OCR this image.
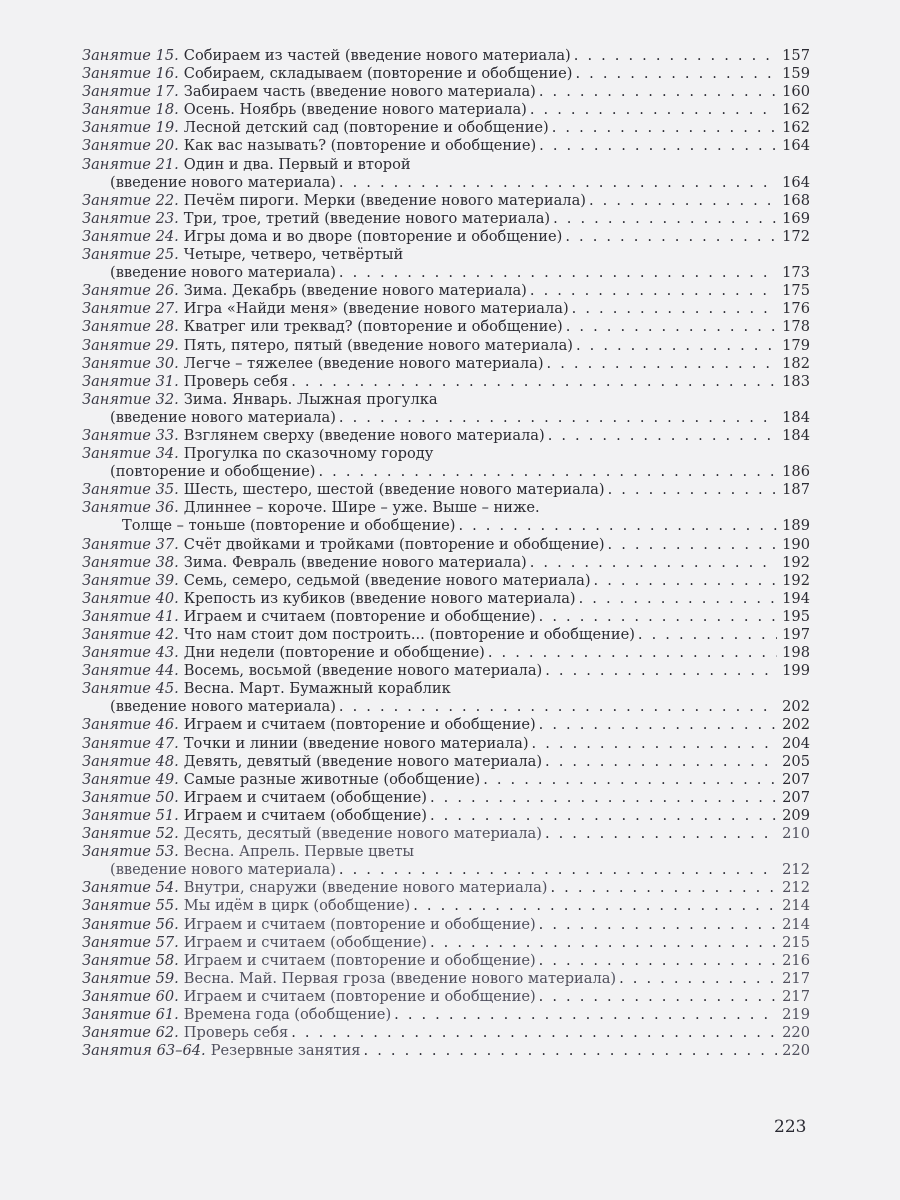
Занятие 15. Собираем из частей (введение нового материала) . . .	157
Занятие 16. Собираем, складываем (повторение и обобщение) . . .	159
Занятие 17. Забираем часть (введение нового материала) . . .	160
Занятие 18. Осень. Ноябрь (введение нового материала) . . .	162
Занятие 19. Лесной детский сад (повторение и обобщение) . . .	162
Занятие 20. Как вас называть? (повторение и обобщение) . . .	164
Занятие 21. Один и два. Первый и второй
(введение нового материала) . . .	164
Занятие 22. Печём пироги. Мерки (введение нового материала) . . .	168
Занятие 23. Три, трое, третий (введение нового материала) . . .	169
Занятие 24. Игры дома и во дворе (повторение и обобщение) . . .	172
Занятие 25. Четыре, четверо, четвёртый
(введение нового материала) . . .	173
Занятие 26. Зима. Декабрь (введение нового материала) . . .	175
Занятие 27. Игра «Найди меня» (введение нового материала) . . .	176
Занятие 28. Кватрег или треквад? (повторение и обобщение) . . .	178
Занятие 29. Пять, пятеро, пятый (введение нового материала) . . .	179
Занятие 30. Легче – тяжелее (введение нового материала) . . .	182
Занятие 31. Проверь себя . . .	183
Занятие 32. Зима. Январь. Лыжная прогулка
(введение нового материала) . . .	184
Занятие 33. Взглянем сверху (введение нового материала) . . .	184
Занятие 34. Прогулка по сказочному городу
(повторение и обобщение) . . .	186
Занятие 35. Шесть, шестеро, шестой (введение нового материала) . . .	187
Занятие 36. Длиннее – короче. Шире – уже. Выше – ниже.
Толще – тоньше (повторение и обобщение) . . .	189
Занятие 37. Счёт двойками и тройками (повторение и обобщение) . . .	190
Занятие 38. Зима. Февраль (введение нового материала) . . .	192
Занятие 39. Семь, семеро, седьмой (введение нового материала) . . .	192
Занятие 40. Крепость из кубиков (введение нового материала) . . .	194
Занятие 41. Играем и считаем (повторение и обобщение) . . .	195
Занятие 42. Что нам стоит дом построить... (повторение и обобщение) . . .	197
Занятие 43. Дни недели (повторение и обобщение) . . .	198
Занятие 44. Восемь, восьмой (введение нового материала) . . .	199
Занятие 45. Весна. Март. Бумажный кораблик
(введение нового материала) . . .	202
Занятие 46. Играем и считаем (повторение и обобщение) . . .	202
Занятие 47. Точки и линии (введение нового материала) . . .	204
Занятие 48. Девять, девятый (введение нового материала) . . .	205
Занятие 49. Самые разные животные (обобщение) . . .	207
Занятие 50. Играем и считаем (обобщение) . . .	207
Занятие 51. Играем и считаем (обобщение) . . .	209
Занятие 52. Десять, десятый (введение нового материала) . . .	210
Занятие 53. Весна. Апрель. Первые цветы
(введение нового материала) . . .	212
Занятие 54. Внутри, снаружи (введение нового материала) . . .	212
Занятие 55. Мы идём в цирк (обобщение) . . .	214
Занятие 56. Играем и считаем (повторение и обобщение) . . .	214
Занятие 57. Играем и считаем (обобщение) . . .	215
Занятие 58. Играем и считаем (повторение и обобщение) . . .	216
Занятие 59. Весна. Май. Первая гроза (введение нового материала) . . .	217
Занятие 60. Играем и считаем (повторение и обобщение) . . .	217
Занятие 61. Времена года (обобщение) . . .	219
Занятие 62. Проверь себя . . .	220
Занятия 63–64. Резервные занятия . . .	220
223
